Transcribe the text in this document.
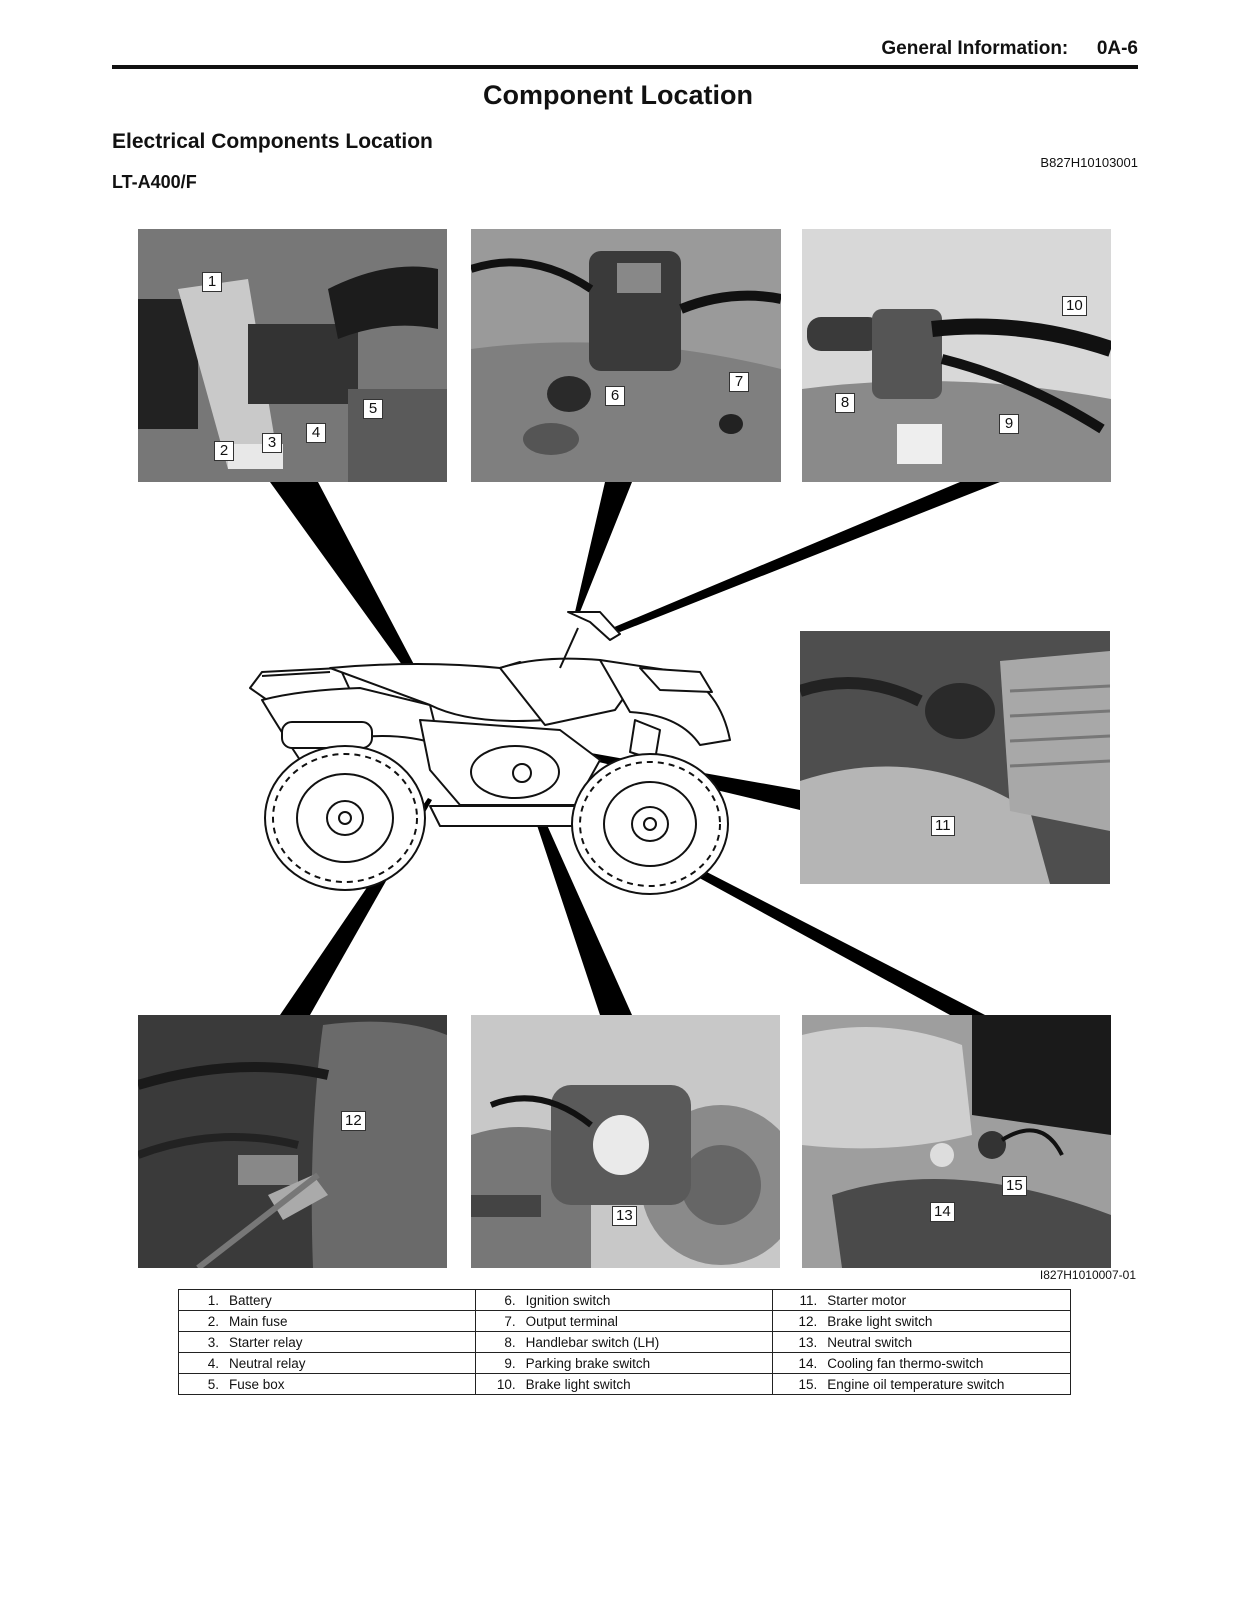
General Information: 0A-6
Component Location
Electrical Components Location
B827H10103001
LT-A400/F
1
2	3
4
5
6
7
8
9
10
11
12
13	14
15
I827H1010007-01
1. Battery	6. Ignition switch	11. Starter motor
2. Main fuse	7. Output terminal	12. Brake light switch
3. Starter relay	8. Handlebar switch (LH)	13. Neutral switch
4. Neutral relay	9. Parking brake switch	14. Cooling fan thermo-switch
5. Fuse box	10. Brake light switch	15. Engine oil temperature switch
